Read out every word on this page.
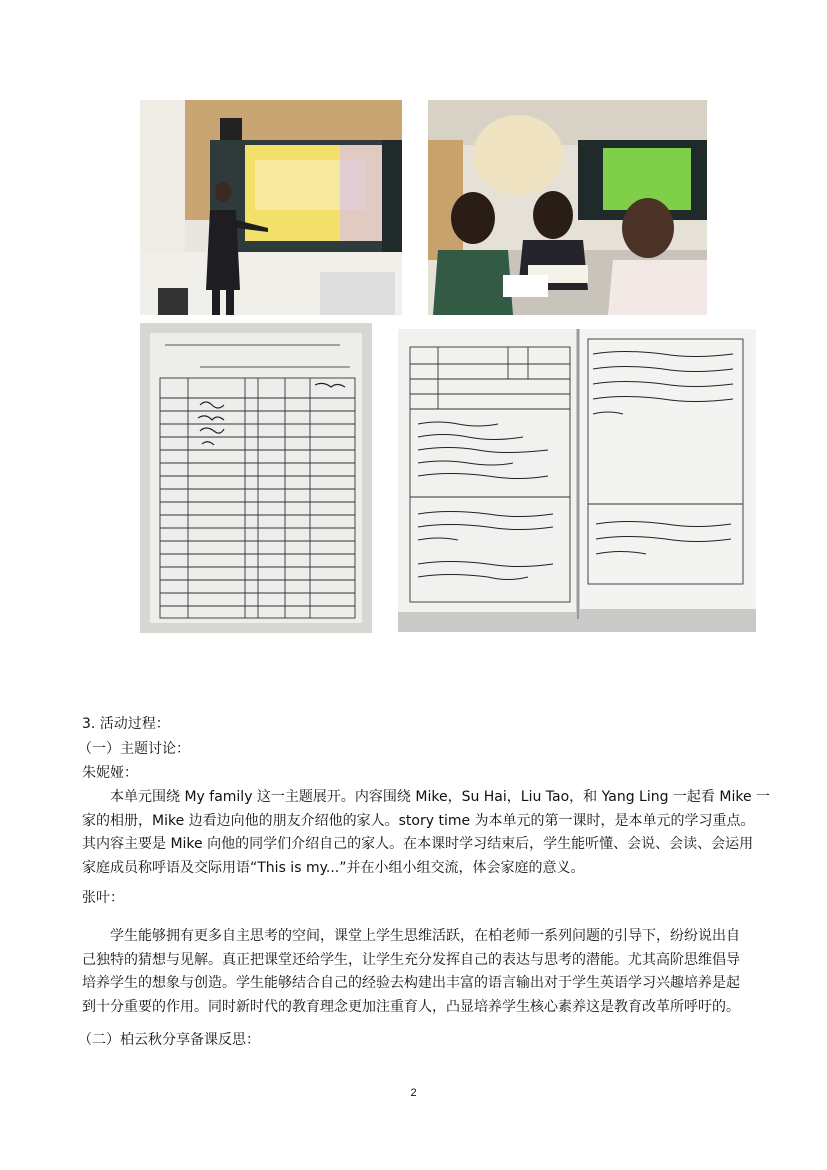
3. 活动过程：
（一）主题讨论：
朱妮娅：
本单元围绕 My family 这一主题展开。内容围绕 Mike，Su Hai，Liu Tao，和 Yang Ling 一起看 Mike 一
家的相册，Mike 边看边向他的朋友介绍他的家人。story time 为本单元的第一课时，是本单元的学习重点。
其内容主要是 Mike 向他的同学们介绍自己的家人。在本课时学习结束后，学生能听懂、会说、会读、会运用
家庭成员称呼语及交际用语“This is my...”并在小组小组交流，体会家庭的意义。
张叶：
学生能够拥有更多自主思考的空间，课堂上学生思维活跃，在柏老师一系列问题的引导下，纷纷说出自
己独特的猜想与见解。真正把课堂还给学生，让学生充分发挥自己的表达与思考的潜能。尤其高阶思维倡导
培养学生的想象与创造。学生能够结合自己的经验去构建出丰富的语言输出对于学生英语学习兴趣培养是起
到十分重要的作用。同时新时代的教育理念更加注重育人，凸显培养学生核心素养这是教育改革所呼吁的。
（二）柏云秋分享备课反思：
2
